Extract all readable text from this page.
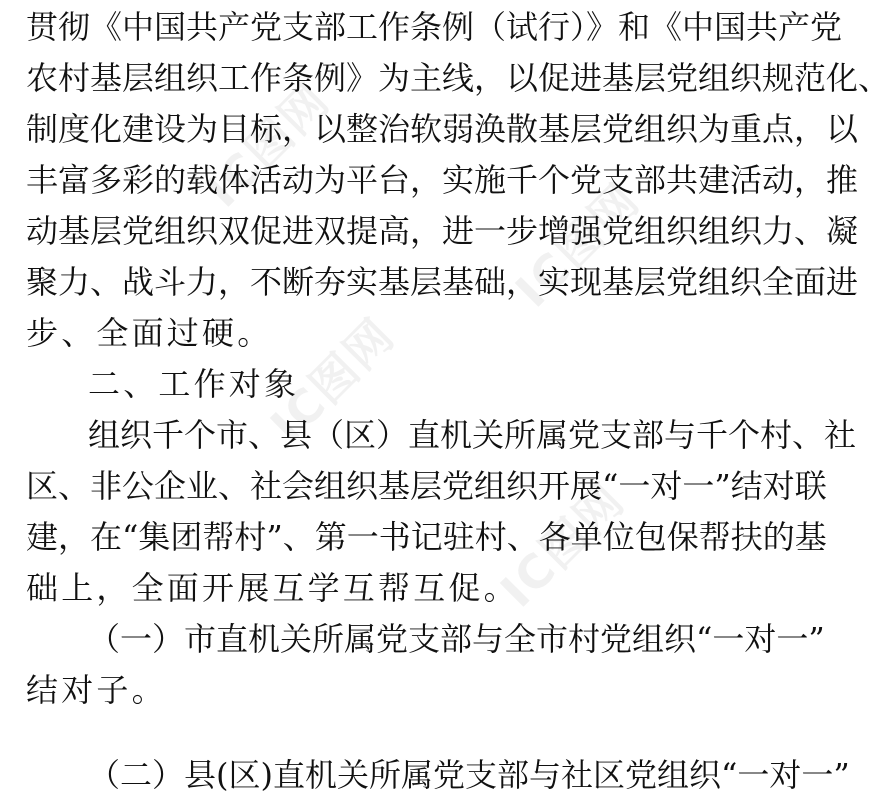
IC图网
IC图网
IC图网
IC图网
贯彻《中国共产党支部工作条例（试行）》和《中国共产党
农村基层组织工作条例》为主线，以促进基层党组织规范化、
制度化建设为目标，以整治软弱涣散基层党组织为重点，以
丰富多彩的载体活动为平台，实施千个党支部共建活动，推
动基层党组织双促进双提高，进一步增强党组织组织力、凝
聚力、战斗力，不断夯实基层基础，实现基层党组织全面进
步、全面过硬。
二、工作对象
组织千个市、县（区）直机关所属党支部与千个村、社
区、非公企业、社会组织基层党组织开展“一对一”结对联
建，在“集团帮村”、第一书记驻村、各单位包保帮扶的基
础上，全面开展互学互帮互促。
（一）市直机关所属党支部与全市村党组织“一对一”
结对子。
（二）县(区)直机关所属党支部与社区党组织“一对一”
